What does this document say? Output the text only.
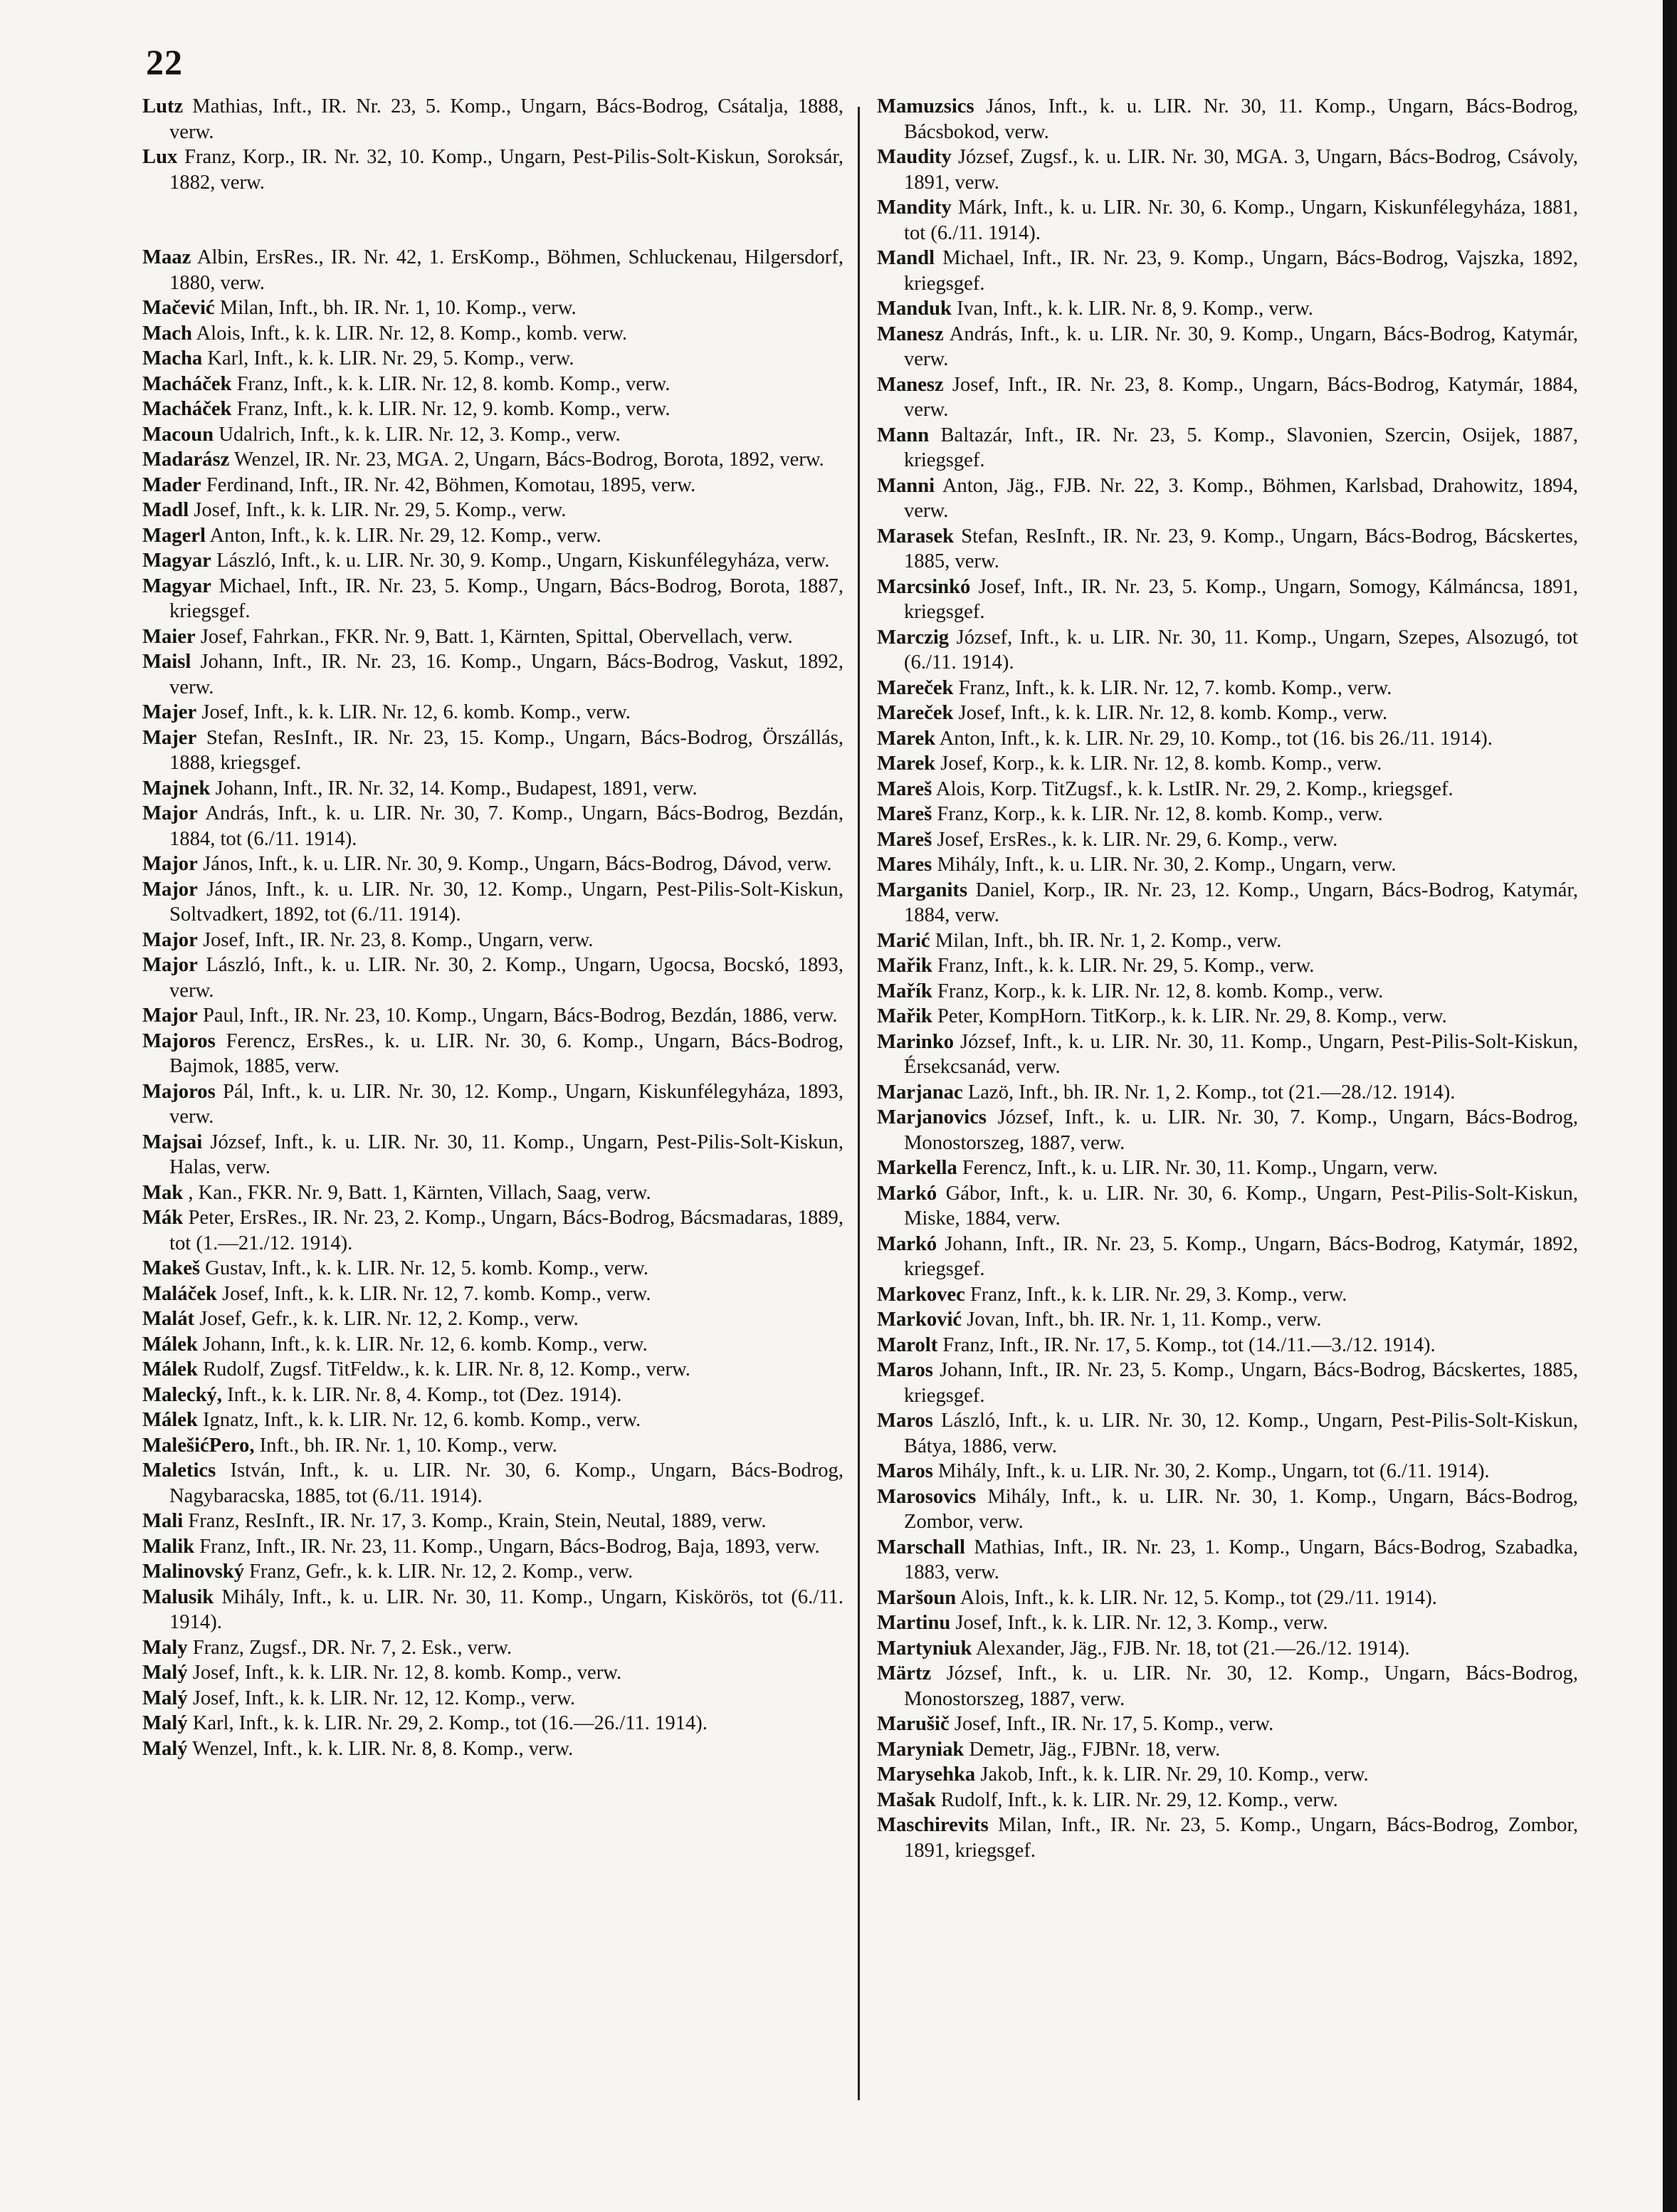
22
Lutz Mathias, Inft., IR. Nr. 23, 5. Komp., Ungarn, Bács-Bodrog, Csátalja, 1888, verw.
Lux Franz, Korp., IR. Nr. 32, 10. Komp., Ungarn, Pest-Pilis-Solt-Kiskun, Soroksár, 1882, verw.
Maaz Albin, ErsRes., IR. Nr. 42, 1. ErsKomp., Böhmen, Schluckenau, Hilgersdorf, 1880, verw.
Mačević Milan, Inft., bh. IR. Nr. 1, 10. Komp., verw.
Mach Alois, Inft., k. k. LIR. Nr. 12, 8. Komp., komb. verw.
Macha Karl, Inft., k. k. LIR. Nr. 29, 5. Komp., verw.
Macháček Franz, Inft., k. k. LIR. Nr. 12, 8. komb. Komp., verw.
Macháček Franz, Inft., k. k. LIR. Nr. 12, 9. komb. Komp., verw.
Macoun Udalrich, Inft., k. k. LIR. Nr. 12, 3. Komp., verw.
Madarász Wenzel, IR. Nr. 23, MGA. 2, Ungarn, Bács-Bodrog, Borota, 1892, verw.
Mader Ferdinand, Inft., IR. Nr. 42, Böhmen, Komotau, 1895, verw.
Madl Josef, Inft., k. k. LIR. Nr. 29, 5. Komp., verw.
Magerl Anton, Inft., k. k. LIR. Nr. 29, 12. Komp., verw.
Magyar László, Inft., k. u. LIR. Nr. 30, 9. Komp., Ungarn, Kiskunfélegyháza, verw.
Magyar Michael, Inft., IR. Nr. 23, 5. Komp., Ungarn, Bács-Bodrog, Borota, 1887, kriegsgef.
Maier Josef, Fahrkan., FKR. Nr. 9, Batt. 1, Kärnten, Spittal, Obervellach, verw.
Maisl Johann, Inft., IR. Nr. 23, 16. Komp., Ungarn, Bács-Bodrog, Vaskut, 1892, verw.
Majer Josef, Inft., k. k. LIR. Nr. 12, 6. komb. Komp., verw.
Majer Stefan, ResInft., IR. Nr. 23, 15. Komp., Ungarn, Bács-Bodrog, Örszállás, 1888, kriegsgef.
Majnek Johann, Inft., IR. Nr. 32, 14. Komp., Budapest, 1891, verw.
Major András, Inft., k. u. LIR. Nr. 30, 7. Komp., Ungarn, Bács-Bodrog, Bezdán, 1884, tot (6./11. 1914).
Major János, Inft., k. u. LIR. Nr. 30, 9. Komp., Ungarn, Bács-Bodrog, Dávod, verw.
Major János, Inft., k. u. LIR. Nr. 30, 12. Komp., Ungarn, Pest-Pilis-Solt-Kiskun, Soltvadkert, 1892, tot (6./11. 1914).
Major Josef, Inft., IR. Nr. 23, 8. Komp., Ungarn, verw.
Major László, Inft., k. u. LIR. Nr. 30, 2. Komp., Ungarn, Ugocsa, Bocskó, 1893, verw.
Major Paul, Inft., IR. Nr. 23, 10. Komp., Ungarn, Bács-Bodrog, Bezdán, 1886, verw.
Majoros Ferencz, ErsRes., k. u. LIR. Nr. 30, 6. Komp., Ungarn, Bács-Bodrog, Bajmok, 1885, verw.
Majoros Pál, Inft., k. u. LIR. Nr. 30, 12. Komp., Ungarn, Kiskunfélegyháza, 1893, verw.
Majsai József, Inft., k. u. LIR. Nr. 30, 11. Komp., Ungarn, Pest-Pilis-Solt-Kiskun, Halas, verw.
Mak , Kan., FKR. Nr. 9, Batt. 1, Kärnten, Villach, Saag, verw.
Mák Peter, ErsRes., IR. Nr. 23, 2. Komp., Ungarn, Bács-Bodrog, Bácsmadaras, 1889, tot (1.—21./12. 1914).
Makeš Gustav, Inft., k. k. LIR. Nr. 12, 5. komb. Komp., verw.
Maláček Josef, Inft., k. k. LIR. Nr. 12, 7. komb. Komp., verw.
Malát Josef, Gefr., k. k. LIR. Nr. 12, 2. Komp., verw.
Málek Johann, Inft., k. k. LIR. Nr. 12, 6. komb. Komp., verw.
Málek Rudolf, Zugsf. TitFeldw., k. k. LIR. Nr. 8, 12. Komp., verw.
Malecký, Inft., k. k. LIR. Nr. 8, 4. Komp., tot (Dez. 1914).
Málek Ignatz, Inft., k. k. LIR. Nr. 12, 6. komb. Komp., verw.
MalešićPero, Inft., bh. IR. Nr. 1, 10. Komp., verw.
Maletics István, Inft., k. u. LIR. Nr. 30, 6. Komp., Ungarn, Bács-Bodrog, Nagybaracska, 1885, tot (6./11. 1914).
Mali Franz, ResInft., IR. Nr. 17, 3. Komp., Krain, Stein, Neutal, 1889, verw.
Malik Franz, Inft., IR. Nr. 23, 11. Komp., Ungarn, Bács-Bodrog, Baja, 1893, verw.
Malinovský Franz, Gefr., k. k. LIR. Nr. 12, 2. Komp., verw.
Malusik Mihály, Inft., k. u. LIR. Nr. 30, 11. Komp., Ungarn, Kiskörös, tot (6./11. 1914).
Maly Franz, Zugsf., DR. Nr. 7, 2. Esk., verw.
Malý Josef, Inft., k. k. LIR. Nr. 12, 8. komb. Komp., verw.
Malý Josef, Inft., k. k. LIR. Nr. 12, 12. Komp., verw.
Malý Karl, Inft., k. k. LIR. Nr. 29, 2. Komp., tot (16.—26./11. 1914).
Malý Wenzel, Inft., k. k. LIR. Nr. 8, 8. Komp., verw.
Mamuzsics János, Inft., k. u. LIR. Nr. 30, 11. Komp., Ungarn, Bács-Bodrog, Bácsbokod, verw.
Maudity József, Zugsf., k. u. LIR. Nr. 30, MGA. 3, Ungarn, Bács-Bodrog, Csávoly, 1891, verw.
Mandity Márk, Inft., k. u. LIR. Nr. 30, 6. Komp., Ungarn, Kiskunfélegyháza, 1881, tot (6./11. 1914).
Mandl Michael, Inft., IR. Nr. 23, 9. Komp., Ungarn, Bács-Bodrog, Vajszka, 1892, kriegsgef.
Manduk Ivan, Inft., k. k. LIR. Nr. 8, 9. Komp., verw.
Manesz András, Inft., k. u. LIR. Nr. 30, 9. Komp., Ungarn, Bács-Bodrog, Katymár, verw.
Manesz Josef, Inft., IR. Nr. 23, 8. Komp., Ungarn, Bács-Bodrog, Katymár, 1884, verw.
Mann Baltazár, Inft., IR. Nr. 23, 5. Komp., Slavonien, Szercin, Osijek, 1887, kriegsgef.
Manni Anton, Jäg., FJB. Nr. 22, 3. Komp., Böhmen, Karlsbad, Drahowitz, 1894, verw.
Marasek Stefan, ResInft., IR. Nr. 23, 9. Komp., Ungarn, Bács-Bodrog, Bácskertes, 1885, verw.
Marcsinkó Josef, Inft., IR. Nr. 23, 5. Komp., Ungarn, Somogy, Kálmáncsa, 1891, kriegsgef.
Marczig József, Inft., k. u. LIR. Nr. 30, 11. Komp., Ungarn, Szepes, Alsozugó, tot (6./11. 1914).
Mareček Franz, Inft., k. k. LIR. Nr. 12, 7. komb. Komp., verw.
Mareček Josef, Inft., k. k. LIR. Nr. 12, 8. komb. Komp., verw.
Marek Anton, Inft., k. k. LIR. Nr. 29, 10. Komp., tot (16. bis 26./11. 1914).
Marek Josef, Korp., k. k. LIR. Nr. 12, 8. komb. Komp., verw.
Mareš Alois, Korp. TitZugsf., k. k. LstIR. Nr. 29, 2. Komp., kriegsgef.
Mareš Franz, Korp., k. k. LIR. Nr. 12, 8. komb. Komp., verw.
Mareš Josef, ErsRes., k. k. LIR. Nr. 29, 6. Komp., verw.
Mares Mihály, Inft., k. u. LIR. Nr. 30, 2. Komp., Ungarn, verw.
Marganits Daniel, Korp., IR. Nr. 23, 12. Komp., Ungarn, Bács-Bodrog, Katymár, 1884, verw.
Marić Milan, Inft., bh. IR. Nr. 1, 2. Komp., verw.
Mařik Franz, Inft., k. k. LIR. Nr. 29, 5. Komp., verw.
Mařík Franz, Korp., k. k. LIR. Nr. 12, 8. komb. Komp., verw.
Mařik Peter, KompHorn. TitKorp., k. k. LIR. Nr. 29, 8. Komp., verw.
Marinko József, Inft., k. u. LIR. Nr. 30, 11. Komp., Ungarn, Pest-Pilis-Solt-Kiskun, Érsekcsanád, verw.
Marjanac Lazö, Inft., bh. IR. Nr. 1, 2. Komp., tot (21.—28./12. 1914).
Marjanovics József, Inft., k. u. LIR. Nr. 30, 7. Komp., Ungarn, Bács-Bodrog, Monostorszeg, 1887, verw.
Markella Ferencz, Inft., k. u. LIR. Nr. 30, 11. Komp., Ungarn, verw.
Markó Gábor, Inft., k. u. LIR. Nr. 30, 6. Komp., Ungarn, Pest-Pilis-Solt-Kiskun, Miske, 1884, verw.
Markó Johann, Inft., IR. Nr. 23, 5. Komp., Ungarn, Bács-Bodrog, Katymár, 1892, kriegsgef.
Markovec Franz, Inft., k. k. LIR. Nr. 29, 3. Komp., verw.
Marković Jovan, Inft., bh. IR. Nr. 1, 11. Komp., verw.
Marolt Franz, Inft., IR. Nr. 17, 5. Komp., tot (14./11.—3./12. 1914).
Maros Johann, Inft., IR. Nr. 23, 5. Komp., Ungarn, Bács-Bodrog, Bácskertes, 1885, kriegsgef.
Maros László, Inft., k. u. LIR. Nr. 30, 12. Komp., Ungarn, Pest-Pilis-Solt-Kiskun, Bátya, 1886, verw.
Maros Mihály, Inft., k. u. LIR. Nr. 30, 2. Komp., Ungarn, tot (6./11. 1914).
Marosovics Mihály, Inft., k. u. LIR. Nr. 30, 1. Komp., Ungarn, Bács-Bodrog, Zombor, verw.
Marschall Mathias, Inft., IR. Nr. 23, 1. Komp., Ungarn, Bács-Bodrog, Szabadka, 1883, verw.
Maršoun Alois, Inft., k. k. LIR. Nr. 12, 5. Komp., tot (29./11. 1914).
Martinu Josef, Inft., k. k. LIR. Nr. 12, 3. Komp., verw.
Martyniuk Alexander, Jäg., FJB. Nr. 18, tot (21.—26./12. 1914).
Märtz József, Inft., k. u. LIR. Nr. 30, 12. Komp., Ungarn, Bács-Bodrog, Monostorszeg, 1887, verw.
Marušič Josef, Inft., IR. Nr. 17, 5. Komp., verw.
Maryniak Demetr, Jäg., FJBNr. 18, verw.
Marysehka Jakob, Inft., k. k. LIR. Nr. 29, 10. Komp., verw.
Mašak Rudolf, Inft., k. k. LIR. Nr. 29, 12. Komp., verw.
Maschirevits Milan, Inft., IR. Nr. 23, 5. Komp., Ungarn, Bács-Bodrog, Zombor, 1891, kriegsgef.
